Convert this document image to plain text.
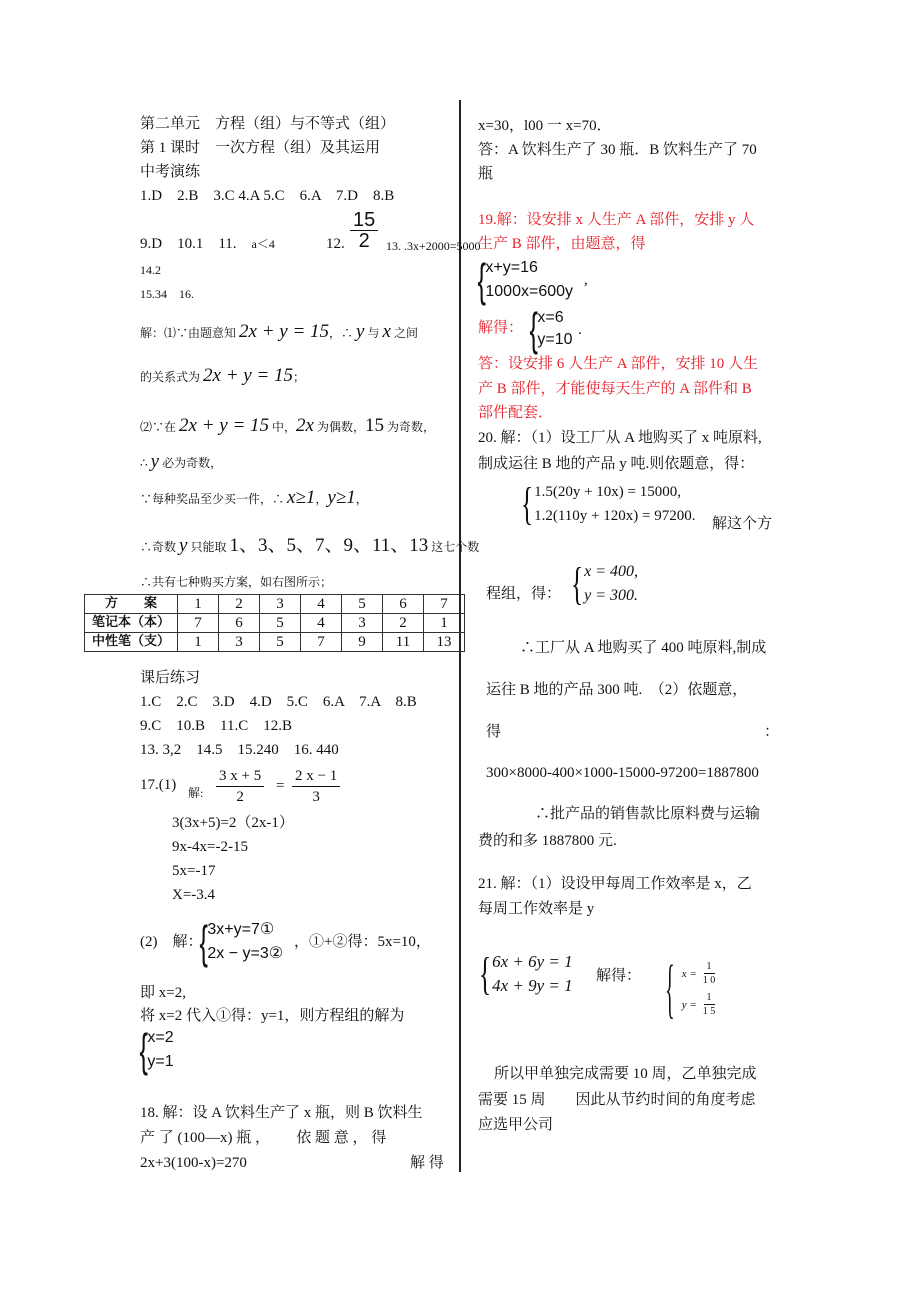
第二单元　方程（组）与不等式（组）
第 1 课时　一次方程（组）及其运用
中考演练
1.D　2.B　3.C 4.A 5.C　6.A　7.D　8.B
9.D　10.1　11.　a＜4	12. $\frac{15}{2} 13$. .3x+2000=5000
14.2
15.34　16.
解：⑴∵由题意知 2x + y = 15，∴ y 与 x 之间
的关系式为 2x + y = 15；
⑵∵在 2x + y = 15 中，2x 为偶数，15 为奇数，
∴ y 必为奇数，
∵每种奖品至少买一件，∴ x≥1，y≥1，
∴奇数 y 只能取 1、3、5、7、9、11、13 这七个数
∴共有七种购买方案，如右图所示；
方　　案	1	2	3	4	5	6	7
笔记本（本）	7	6	5	4	3	2	1
中性笔（支）	1	3	5	7	9	11	13
课后练习
1.C　2.C　3.D　4.D　5.C　6.A　7.A　8.B
9.C　10.B　11.C　12.B
13. 3,2　14.5　15.240　16. 440
17.(1) 解: $\frac{3 x + 5}{2} = \frac{2 x - 1}{3}$
3(3x+5)=2（2x-1）
9x-4x=-2-15
5x=-17
X=-3.4
(2)　解：
{ 3x+y=7①
2x − y=3②
，①+②得：5x=10，
即 x=2,
将 x=2 代入①得：y=1，则方程组的解为
{ x=2
y=1
18. 解：设 A 饮料生产了 x 瓶，则 B 饮料生
产 了 (100—x) 瓶 ，　　 依 题 意 ， 得
2x+3(100-x)=270	解 得
x=30，l00 一 x=70．
答：A 饮料生产了 30 瓶．B 饮料生产了 70
瓶
19.解：设安排 x 人生产 A 部件，安排 y 人
生产 B 部件，由题意，得
{ x+y=16
1000x=600y
,
解得： { x=6
y=10
.
答：设安排 6 人生产 A 部件，安排 10 人生
产 B 部件，才能使每天生产的 A 部件和 B
部件配套．
20. 解：（1）设工厂从 A 地购买了 x 吨原料,
制成运往 B 地的产品 y 吨.则依题意，得：
{ 1.5(20y + 10x) = 15000,
1.2(110y + 120x) = 97200. 解这个方
程组，得： { x = 400,
y = 300.
∴工厂从 A 地购买了 400 吨原料,制成
运往 B 地的产品 300 吨.　（2）依题意，
得	：
300×8000-400×1000-15000-97200=1887800
∴批产品的销售款比原料费与运输
费的和多 1887800 元.
21. 解：（1）设设甲每周工作效率是 x，乙
每周工作效率是 y
{ 6x + 6y = 1
4x + 9y = 1 解得： { $x = \frac{1}{1 0}$
$y = \frac{1}{1 5}$
所以甲单独完成需要 10 周，乙单独完成
需要 15 周　　因此从节约时间的角度考虑
应选甲公司
